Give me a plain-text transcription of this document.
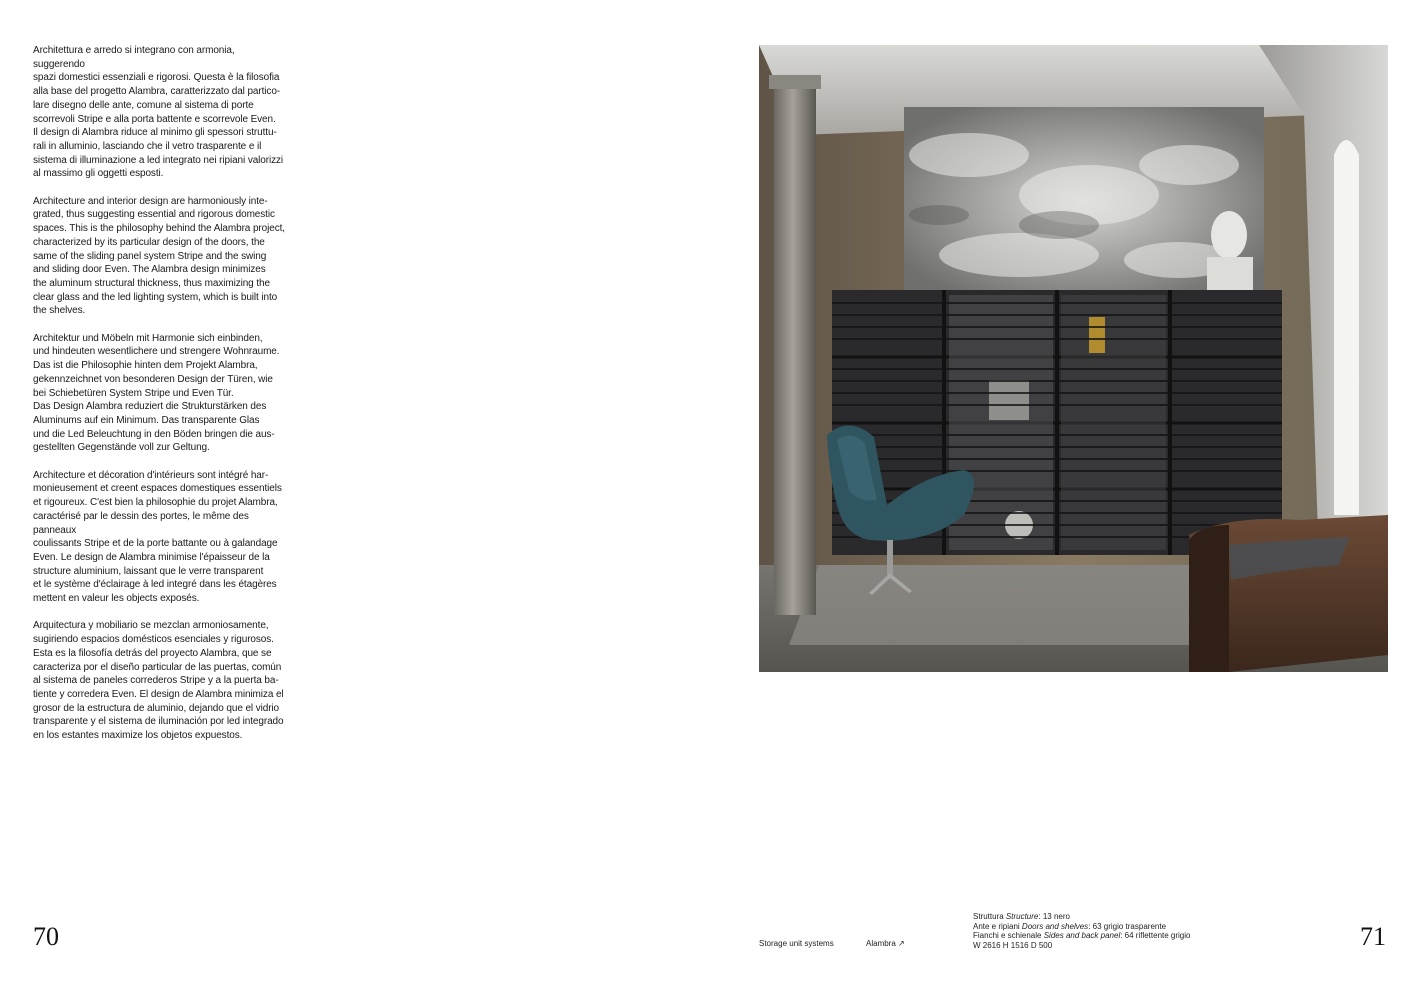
Architettura e arredo si integrano con armonia, suggerendo
spazi domestici essenziali e rigorosi. Questa è la filosofia
alla base del progetto Alambra, caratterizzato dal partico-
lare disegno delle ante, comune al sistema di porte
scorrevoli Stripe e alla porta battente e scorrevole Even.
Il design di Alambra riduce al minimo gli spessori struttu-
rali in alluminio, lasciando che il vetro trasparente e il
sistema di illuminazione a led integrato nei ripiani valorizzi
al massimo gli oggetti esposti.

Architecture and interior design are harmoniously inte-
grated, thus suggesting essential and rigorous domestic
spaces. This is the philosophy behind the Alambra project,
characterized by its particular design of the doors, the
same of the sliding panel system Stripe and the swing
and sliding door Even. The Alambra design minimizes
the aluminum structural thickness, thus maximizing the
clear glass and the led lighting system, which is built into
the shelves.

Architektur und Möbeln mit Harmonie sich einbinden,
und hindeuten wesentlichere und strengere Wohnraume.
Das ist die Philosophie hinten dem Projekt Alambra,
gekennzeichnet von besonderen Design der Türen, wie
bei Schiebetüren System Stripe und Even Tür.
Das Design Alambra reduziert die Strukturstärken des
Aluminums auf ein Minimum. Das transparente Glas
und die Led Beleuchtung in den Böden bringen die aus-
gestellten Gegenstände voll zur Geltung.

Architecture et décoration d'intérieurs sont intégré har-
monieusement et creent espaces domestiques essentiels
et rigoureux. C'est bien la philosophie du projet Alambra,
caractérisé par le dessin des portes, le même des panneaux
coulissants Stripe et de la porte battante ou à galandage
Even. Le design de Alambra minimise l'épaisseur de la
structure aluminium, laissant que le verre transparent
et le système d'éclairage à led integré dans les étagères
mettent en valeur les objects exposés.

Arquitectura y mobiliario se mezclan armoniosamente,
sugiriendo espacios domésticos esenciales y rigurosos.
Esta es la filosofía detrás del proyecto Alambra, que se
caracteriza por el diseño particular de las puertas, común
al sistema de paneles correderos Stripe y a la puerta ba-
tiente y corredera Even. El design de Alambra minimiza el
grosor de la estructura de aluminio, dejando que el vidrio
transparente y el sistema de iluminación por led integrado
en los estantes maximize los objetos expuestos.

70	Storage unit systems	Alambra ↗
Struttura Structure: 13 nero
Ante e ripiani Doors and shelves: 63 grigio trasparente
Fianchi e schienale Sides and back panel: 64 riflettente grigio
W 2616 H 1516 D 500	71
